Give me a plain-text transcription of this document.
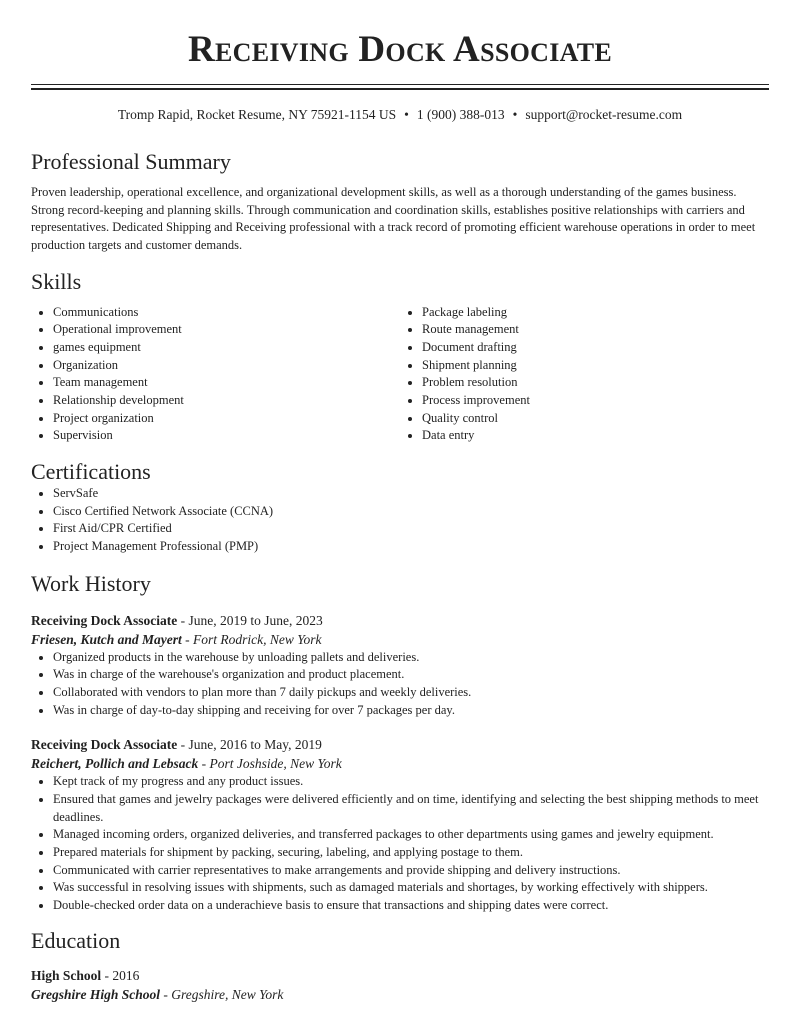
Receiving Dock Associate
Tromp Rapid, Rocket Resume, NY 75921-1154 US • 1 (900) 388-013 • support@rocket-resume.com
Professional Summary

Proven leadership, operational excellence, and organizational development skills, as well as a thorough understanding of the games business. Strong record-keeping and planning skills. Through communication and coordination skills, establishes positive relationships with carriers and representatives. Dedicated Shipping and Receiving professional with a track record of promoting efficient warehouse operations in order to meet production targets and customer demands.

Skills
• Communications
• Operational improvement
• games equipment
• Organization
• Team management
• Relationship development
• Project organization
• Supervision
• Package labeling
• Route management
• Document drafting
• Shipment planning
• Problem resolution
• Process improvement
• Quality control
• Data entry
Certifications
• ServSafe
• Cisco Certified Network Associate (CCNA)
• First Aid/CPR Certified
• Project Management Professional (PMP)
Work History
Receiving Dock Associate - June, 2019 to June, 2023
Friesen, Kutch and Mayert - Fort Rodrick, New York
• Organized products in the warehouse by unloading pallets and deliveries.
• Was in charge of the warehouse's organization and product placement.
• Collaborated with vendors to plan more than 7 daily pickups and weekly deliveries.
• Was in charge of day-to-day shipping and receiving for over 7 packages per day.
Receiving Dock Associate - June, 2016 to May, 2019
Reichert, Pollich and Lebsack - Port Joshside, New York
• Kept track of my progress and any product issues.
• Ensured that games and jewelry packages were delivered efficiently and on time, identifying and selecting the best shipping methods to meet deadlines.
• Managed incoming orders, organized deliveries, and transferred packages to other departments using games and jewelry equipment.
• Prepared materials for shipment by packing, securing, labeling, and applying postage to them.
• Communicated with carrier representatives to make arrangements and provide shipping and delivery instructions.
• Was successful in resolving issues with shipments, such as damaged materials and shortages, by working effectively with shippers.
• Double-checked order data on a underachieve basis to ensure that transactions and shipping dates were correct.
Education
High School - 2016
Gregshire High School - Gregshire, New York
